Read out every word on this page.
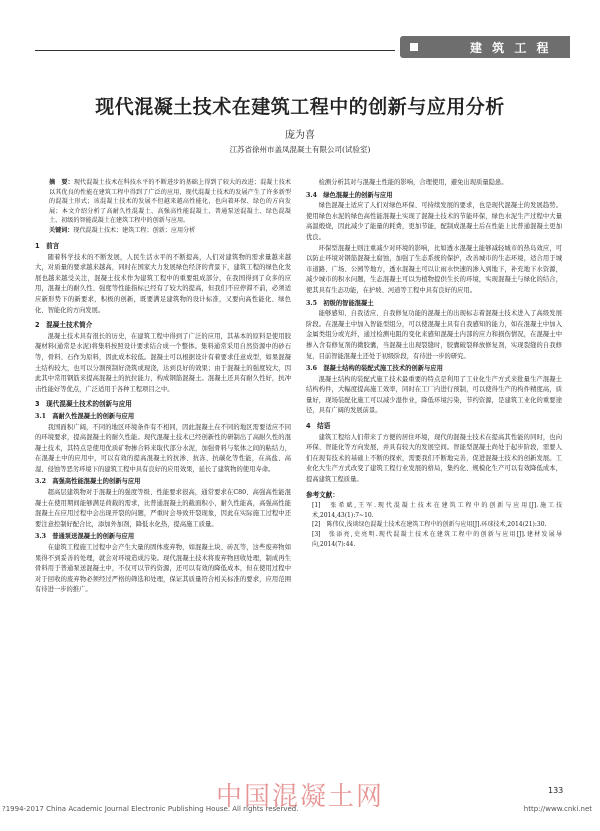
建 筑 工 程
现代混凝土技术在建筑工程中的创新与应用分析
庞为喜
江苏省徐州市盖凤混凝土有限公司(试验室)
摘　要：现代混凝土技术在科技水平的不断进步的基础上得到了较大的改进；混凝土技术以其优良的性能在建筑工程中得到了广泛的应用，现代混凝土技术的发展产生了许多新型的混凝土形式；该混凝土技术的发展不但越来越高性能化，也向着环保、绿色的方向发展；本文介绍分析了高耐久性混凝土、高强高性能混凝土、普通泵送混凝土、绿色混凝土、初级的智能混凝土在建筑工程中的创新与应用。
关键词：现代混凝土技术；建筑工程；创新；应用分析
1　前言

随着科学技术的不断发展，人民生活水平的不断提高，人们对建筑物的需求量越来越大，对质量的要求越来越高，同时在国家大力发展绿色经济的背景下，建筑工程的绿色化发展也越来越受关注，混凝土技术作为建筑工程中的重要组成部分，在我国得到了众多的应用，混凝土的耐久性、强度等性能指标已经有了较大的提高，但我们不应停滞不前，必须适应新形势下的新要求，积极的创新，既要满足建筑物的设计标准，又要向高性能化、绿色化、智能化的方向发展。

2　混凝土技术简介

混凝土技术具有很长的历史，在建筑工程中得到了广泛的应用，其基本的原料是使用胶凝材料(通常是水泥)将集料按照设计要求结合成一个整体。集料通常采用自然资源中的砂石等，骨料、石作为原料，因此成本较低。混凝土可以根据设计有着要求任意成型，如果混凝土结构较大，也可以分割预制好浇筑或现浇，达到良好的效果；由于混凝土的强度较大，因此其中常用钢筋来提高混凝土的抗拉能力，构成钢筋混凝土。混凝土还具有耐久性好，抗冲击性能好等优点，广泛适用于各种工程项目之中。

3　现代混凝土技术的创新与应用
3.1　高耐久性混凝土的创新与应用

我国面积广阔，不同的地区环境条件有不相同，因此混凝土在不同的地区需要适应不同的环境要求，提高混凝土的耐久性能。现代混凝土技术已经创新性的研制出了高耐久性的混凝土技术，其特点是使用优质矿物掺合料来取代部分水泥，加强骨料与浆体之间的粘结力，在混凝土中的应用中，可以有效的提高混凝土的抗渗、抗冻、抗碳化等性能，在高盐、高湿、侵蚀等恶劣环境下的建筑工程中具有良好的应用效果，延长了建筑物的使用寿命。

3.2　高强高性能混凝土的创新与应用

超高层建筑物对于混凝土的强度等级、性能要求很高，通常要求在C80、高强高性能混凝土在使用期间能够满足荷载的需求，比普通混凝土的截面积小，耐久性能高，高强高性能混凝土在应用过程中会出现开裂的问题，严重时会导致开裂现象，因此在实际施工过程中还要注意控制好配合比，添加外加剂，降低水化热，提高施工质量。

3.3　普通泵送混凝土的创新与应用

在建筑工程施工过程中会产生大量的固体废弃物，如混凝土块、砖瓦等，这些废弃物如果得不到妥善的处理，就会对环境造成污染。现代混凝土技术将废弃物回收处理，制成再生骨料用于普通泵送混凝土中，不仅可以节约资源，还可以有效的降低成本，但在使用过程中对于回收的废弃物必须经过严格的筛选和处理，保证其质量符合相关标准的要求，应用范围有待进一步的推广。

检测分析其对与混凝土性能的影响，合理使用，避免出现质量隐患。

3.4　绿色混凝土的创新与应用

绿色混凝土适应了人们对绿色环保、可持续发展的要求，也是现代混凝土的发展趋势。使用绿色水泥的绿色高性能混凝土实现了混凝土技术的节能环保，绿色水泥生产过程中大量高温煅烧，因此减少了能量的耗费，更加节能，配制成混凝土后在性能上比普通混凝土更加优良。

环保型混凝土则注重减少对环境的影响，比如透水混凝土能够减轻城市的热岛效应，可以防止环境对钢筋混凝土腐蚀，加强了生态系统的保护，改善城市的生态环境，适合用于城市道路、广场、公园等地方，透水混凝土可以让雨水快速的渗入到地下，补充地下水资源，减少城市的积水问题，生态混凝土可以为植物提供生长的环境，实现混凝土与绿化的结合，使其具有生态功能，在护坡、河道等工程中具有良好的应用。

3.5　初级的智能混凝土

能够感知、自我适应、自我修复功能的混凝土的出现标志着混凝土技术进入了高级发展阶段。在混凝土中加入智能型组分，可以使混凝土具有自我感知的能力，如在混凝土中加入金属类组分或光纤，通过检测电阻的变化来感知混凝土内部的应力和损伤情况，在混凝土中掺入含有修复剂的微胶囊，当混凝土出现裂缝时，胶囊破裂释放修复剂，实现裂缝的自我修复，目前智能混凝土还处于初级阶段，有待进一步的研究。

3.6　混凝土结构的装配式施工技术的创新与应用

混凝土结构的装配式施工技术最重要的特点是利用了工业化生产方式来批量生产混凝土结构构件，大幅度提高施工效率，同时在工厂内进行预制，可以使得生产的构件精度高，质量好，现场装配化施工可以减少湿作业，降低环境污染，节约资源，是建筑工业化的重要途径，具有广阔的发展前景。

4　结语

建筑工程给人们带来了方便的居住环境，现代的混凝土技术在提高其性能的同时，也向环保、智能化等方向发展，并具有较大的发展空间。智能型混凝土尚处于起步阶段，需要人们在现有技术的基础上不断的探索，需要我们不断地完善，促进混凝土技术的创新发展。工业化大生产方式改变了建筑工程行业发展的格局，集约化、规模化生产可以有效降低成本，提高建筑工程质量。

参考文献：
[1]　张希斌,王军.现代混凝土技术在建筑工程中的创新与应用[J].施工技术,2014,43(1):7~10.
[2]　陈伟仪,浅谈绿色混凝土技术在建筑工程中的创新与应用[J].环球技术,2014(21):30.
[3]　张添亮,史亮明.现代混凝土技术在建筑工程中的创新与应用[J].建材发展导向,2014(7):44.
中国混凝土网	133
?1994-2017 China Academic Journal Electronic Publishing House. All rights reserved.	http://www.cnki.net
